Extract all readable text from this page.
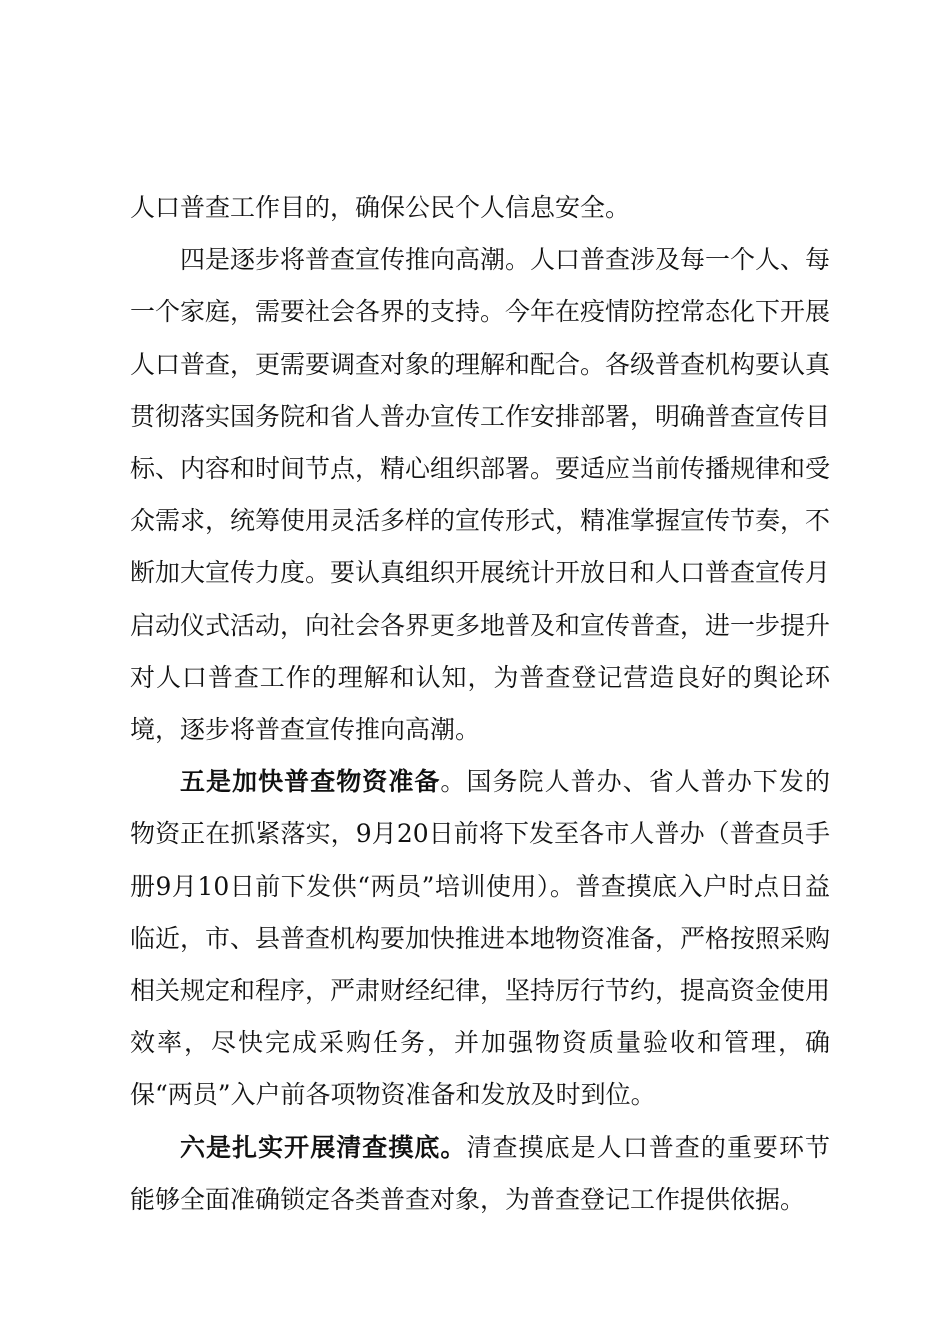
人口普查工作目的，确保公民个人信息安全。

四是逐步将普查宣传推向高潮。人口普查涉及每一个人、每一个家庭，需要社会各界的支持。今年在疫情防控常态化下开展人口普查，更需要调查对象的理解和配合。各级普查机构要认真贯彻落实国务院和省人普办宣传工作安排部署，明确普查宣传目标、内容和时间节点，精心组织部署。要适应当前传播规律和受众需求，统筹使用灵活多样的宣传形式，精准掌握宣传节奏，不断加大宣传力度。要认真组织开展统计开放日和人口普查宣传月启动仪式活动，向社会各界更多地普及和宣传普查，进一步提升对人口普查工作的理解和认知，为普查登记营造良好的舆论环境，逐步将普查宣传推向高潮。

五是加快普查物资准备。国务院人普办、省人普办下发的物资正在抓紧落实，9月20日前将下发至各市人普办（普查员手册9月10日前下发供“两员”培训使用）。普查摸底入户时点日益临近，市、县普查机构要加快推进本地物资准备，严格按照采购相关规定和程序，严肃财经纪律，坚持厉行节约，提高资金使用效率，尽快完成采购任务，并加强物资质量验收和管理，确保“两员”入户前各项物资准备和发放及时到位。

六是扎实开展清查摸底。清查摸底是人口普查的重要环节能够全面准确锁定各类普查对象，为普查登记工作提供依据。
